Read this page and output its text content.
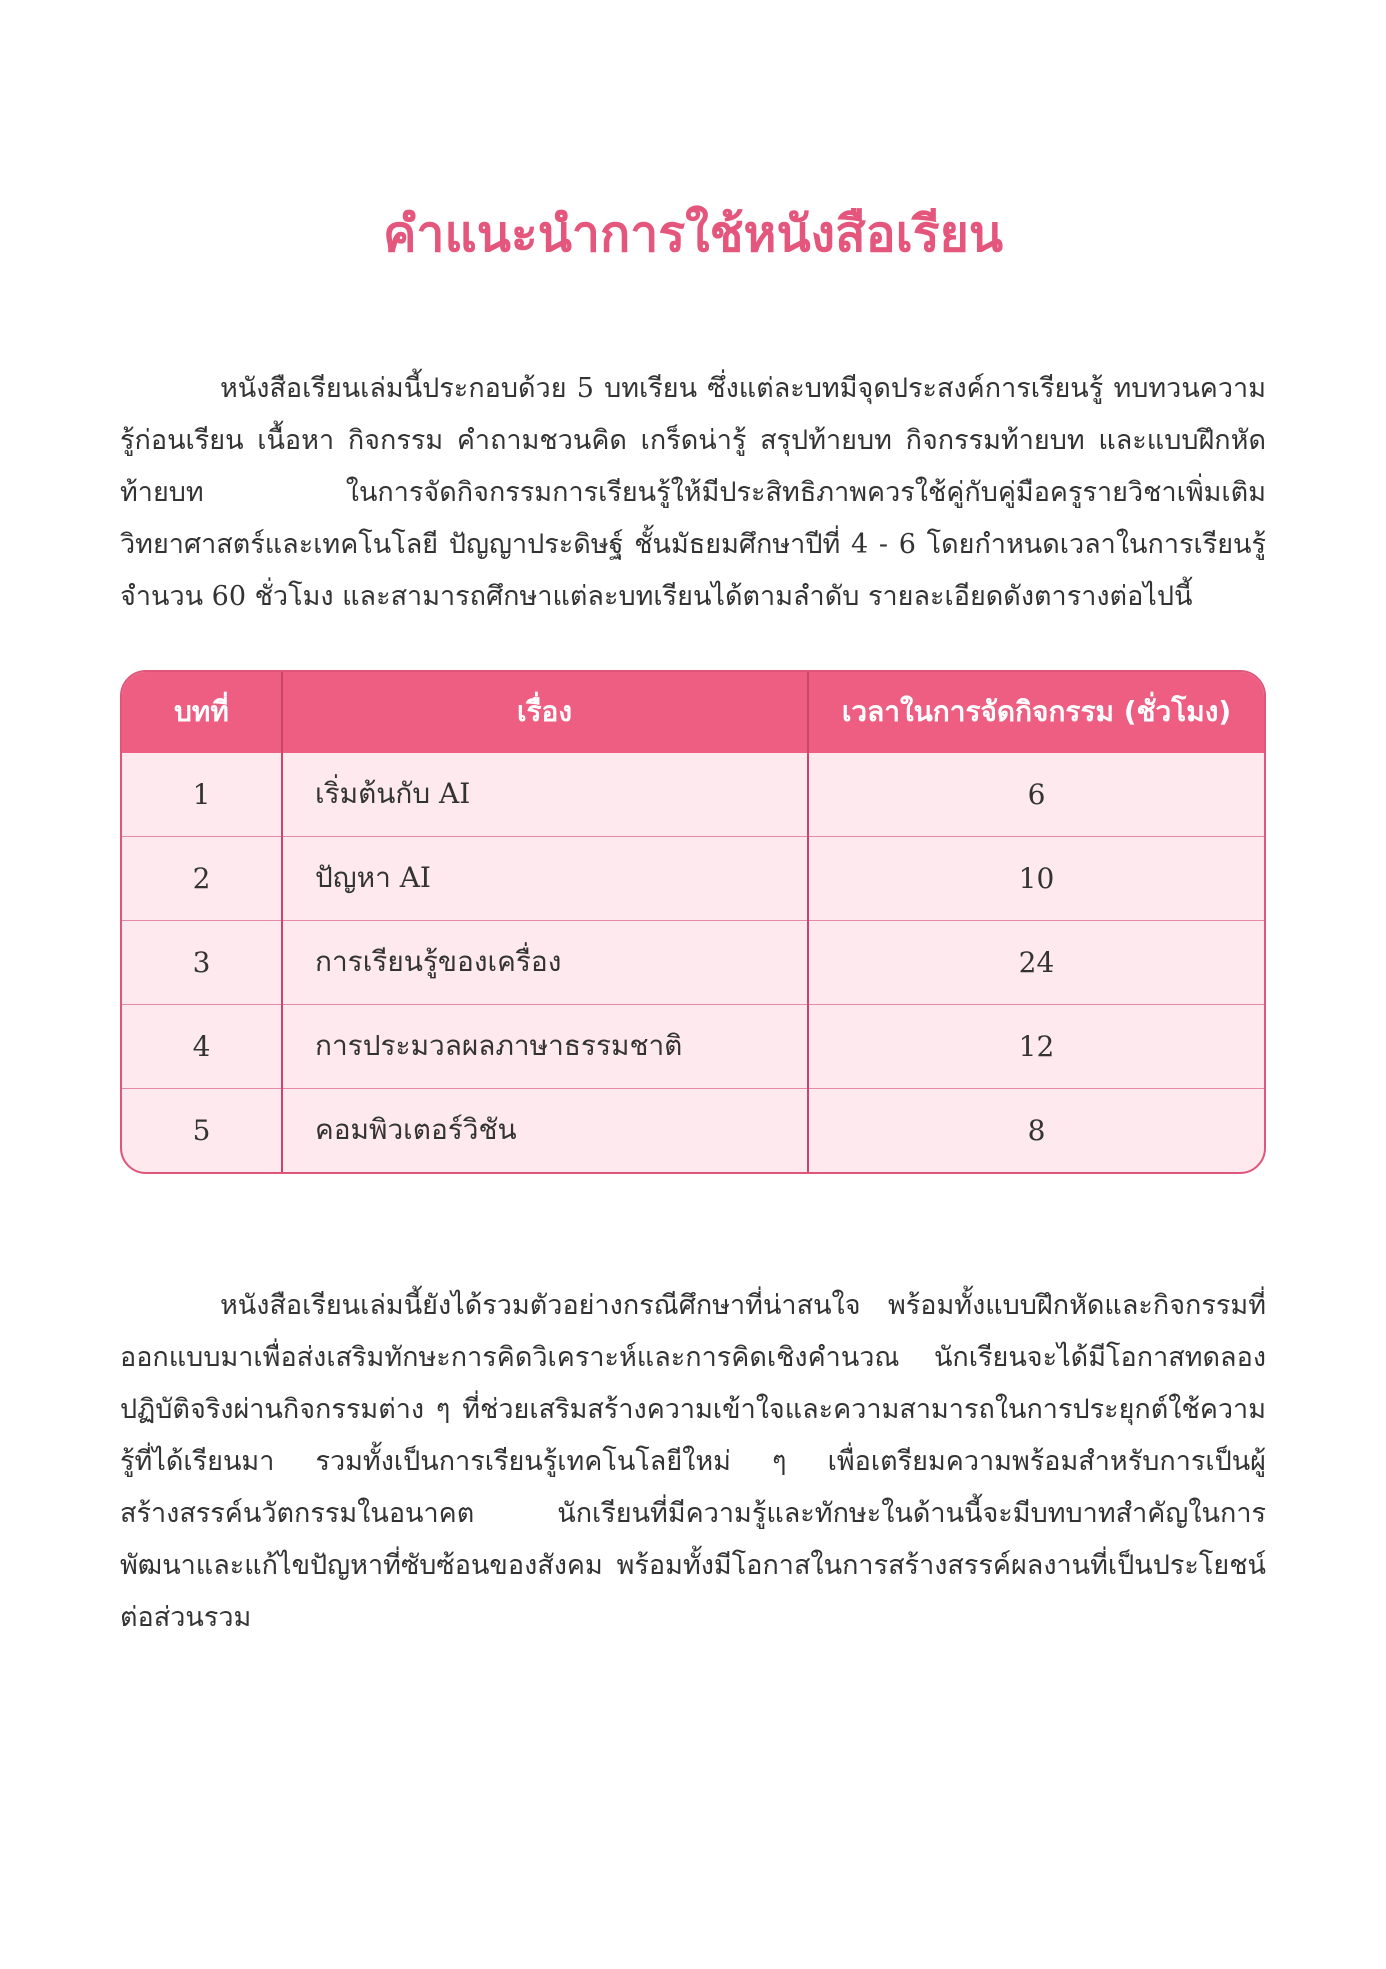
คำแนะนำการใช้หนังสือเรียน

หนังสือเรียนเล่มนี้ประกอบด้วย 5 บทเรียน ซึ่งแต่ละบทมีจุดประสงค์การเรียนรู้ ทบทวนความรู้ก่อนเรียน เนื้อหา กิจกรรม คำถามชวนคิด เกร็ดน่ารู้ สรุปท้ายบท กิจกรรมท้ายบท และแบบฝึกหัดท้ายบท ในการจัดกิจกรรมการเรียนรู้ให้มีประสิทธิภาพควรใช้คู่กับคู่มือครูรายวิชาเพิ่มเติมวิทยาศาสตร์และเทคโนโลยี ปัญญาประดิษฐ์ ชั้นมัธยมศึกษาปีที่ 4 - 6 โดยกำหนดเวลาในการเรียนรู้จำนวน 60 ชั่วโมง และสามารถศึกษาแต่ละบทเรียนได้ตามลำดับ รายละเอียดดังตารางต่อไปนี้

บทที่	เรื่อง	เวลาในการจัดกิจกรรม (ชั่วโมง)
1	เริ่มต้นกับ AI	6
2	ปัญหา AI	10
3	การเรียนรู้ของเครื่อง	24
4	การประมวลผลภาษาธรรมชาติ	12
5	คอมพิวเตอร์วิชัน	8

หนังสือเรียนเล่มนี้ยังได้รวมตัวอย่างกรณีศึกษาที่น่าสนใจ พร้อมทั้งแบบฝึกหัดและกิจกรรมที่ออกแบบมาเพื่อส่งเสริมทักษะการคิดวิเคราะห์และการคิดเชิงคำนวณ นักเรียนจะได้มีโอกาสทดลองปฏิบัติจริงผ่านกิจกรรมต่าง ๆ ที่ช่วยเสริมสร้างความเข้าใจและความสามารถในการประยุกต์ใช้ความรู้ที่ได้เรียนมา รวมทั้งเป็นการเรียนรู้เทคโนโลยีใหม่ ๆ เพื่อเตรียมความพร้อมสำหรับการเป็นผู้สร้างสรรค์นวัตกรรมในอนาคต นักเรียนที่มีความรู้และทักษะในด้านนี้จะมีบทบาทสำคัญในการพัฒนาและแก้ไขปัญหาที่ซับซ้อนของสังคม พร้อมทั้งมีโอกาสในการสร้างสรรค์ผลงานที่เป็นประโยชน์ต่อส่วนรวม
